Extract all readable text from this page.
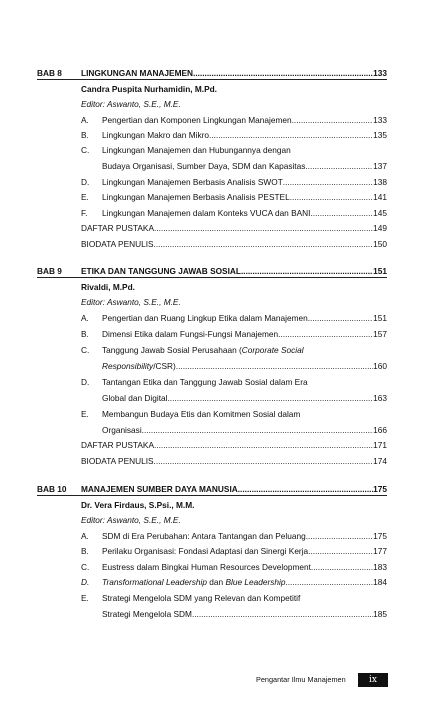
BAB 8 LINGKUNGAN MANAJEMEN .....	133
Candra Puspita Nurhamidin, M.Pd.
Editor: Aswanto, S.E., M.E.
A.	Pengertian dan Komponen Lingkungan Manajemen .....	133
B.	Lingkungan Makro dan Mikro .....	135
C.	Lingkungan Manajemen dan Hubungannya dengan
Budaya Organisasi, Sumber Daya, SDM dan Kapasitas .....	137
D.	Lingkungan Manajemen Berbasis Analisis SWOT .....	138
E.	Lingkungan Manajemen Berbasis Analisis PESTEL .....	141
F.	Lingkungan Manajemen dalam Konteks VUCA dan BANI .....	145
DAFTAR PUSTAKA .....	149
BIODATA PENULIS .....	150
BAB 9 ETIKA DAN TANGGUNG JAWAB SOSIAL .....	151
Rivaldi, M.Pd.
Editor: Aswanto, S.E., M.E.
A.	Pengertian dan Ruang Lingkup Etika dalam Manajemen .....	151
B.	Dimensi Etika dalam Fungsi-Fungsi Manajemen .....	157
C.	Tanggung Jawab Sosial Perusahaan ( Corporate Social
Responsibility /CSR) .....	160
D.	Tantangan Etika dan Tanggung Jawab Sosial dalam Era
Global dan Digital .....	163
E.	Membangun Budaya Etis dan Komitmen Sosial dalam
Organisasi .....	166
DAFTAR PUSTAKA .....	171
BIODATA PENULIS .....	174
BAB 10 MANAJEMEN SUMBER DAYA MANUSIA. .....	175
Dr. Vera Firdaus, S.Psi., M.M.
Editor: Aswanto, S.E., M.E.
A.	SDM di Era Perubahan: Antara Tantangan dan Peluang .....	175
B.	Perilaku Organisasi: Fondasi Adaptasi dan Sinergi Kerja .....	177
C.	Eustress dalam Bingkai Human Resources Development .....	183
D.	Transformational Leadership dan Blue Leadership .....	184
E.	Strategi Mengelola SDM yang Relevan dan Kompetitif
Strategi Mengelola SDM .....	185
Pengantar Ilmu Manajemen	ix
